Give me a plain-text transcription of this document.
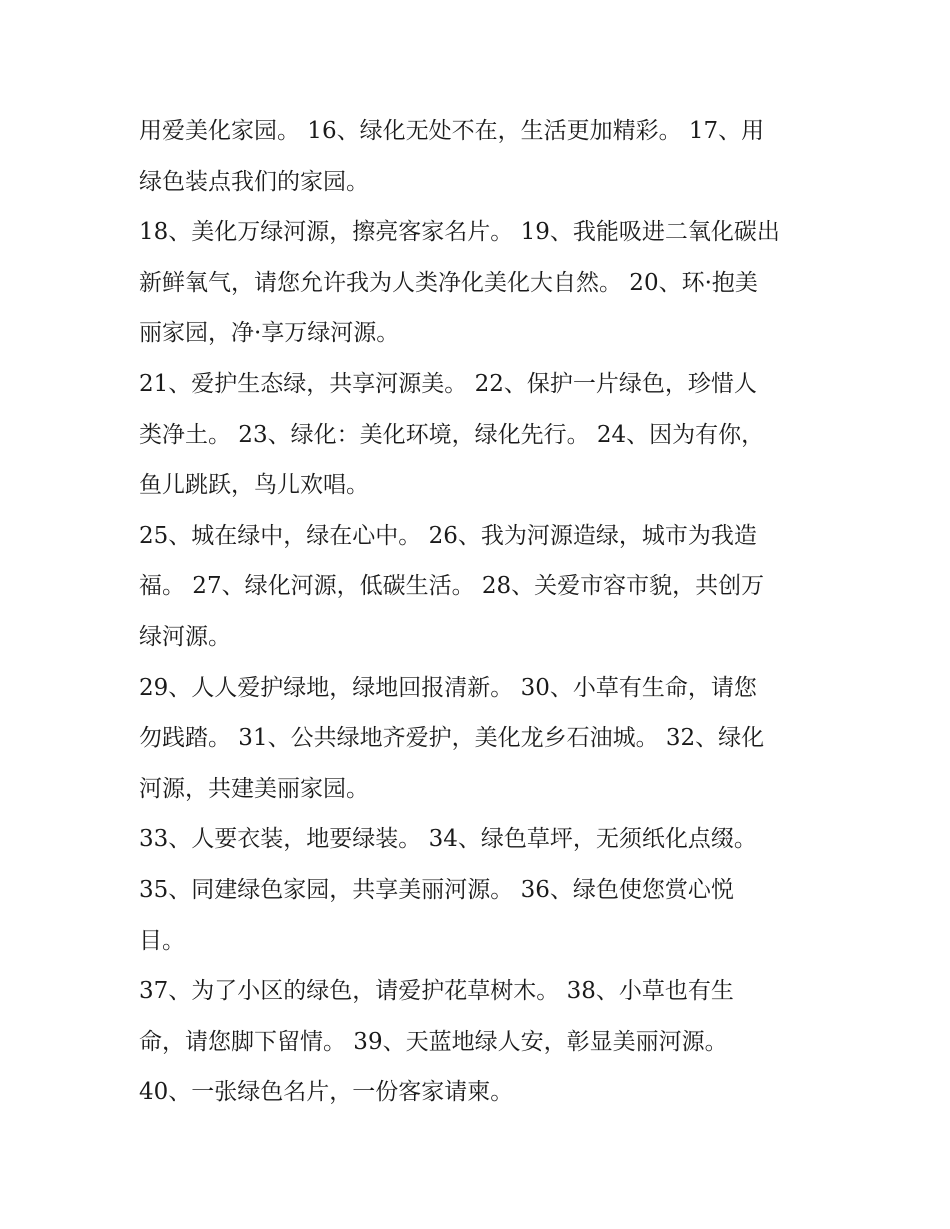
用爱美化家园。 16、绿化无处不在，生活更加精彩。 17、用
绿色装点我们的家园。
18、美化万绿河源，擦亮客家名片。 19、我能吸进二氧化碳出
新鲜氧气，请您允许我为人类净化美化大自然。 20、环·抱美
丽家园，净·享万绿河源。
21、爱护生态绿，共享河源美。 22、保护一片绿色，珍惜人
类净土。 23、绿化：美化环境，绿化先行。 24、因为有你，
鱼儿跳跃，鸟儿欢唱。
25、城在绿中，绿在心中。 26、我为河源造绿，城市为我造
福。 27、绿化河源，低碳生活。 28、关爱市容市貌，共创万
绿河源。
29、人人爱护绿地，绿地回报清新。 30、小草有生命，请您
勿践踏。 31、公共绿地齐爱护，美化龙乡石油城。 32、绿化
河源，共建美丽家园。
33、人要衣装，地要绿装。 34、绿色草坪，无须纸化点缀。
35、同建绿色家园，共享美丽河源。 36、绿色使您赏心悦
目。
37、为了小区的绿色，请爱护花草树木。 38、小草也有生
命，请您脚下留情。 39、天蓝地绿人安，彰显美丽河源。
40、一张绿色名片，一份客家请柬。
